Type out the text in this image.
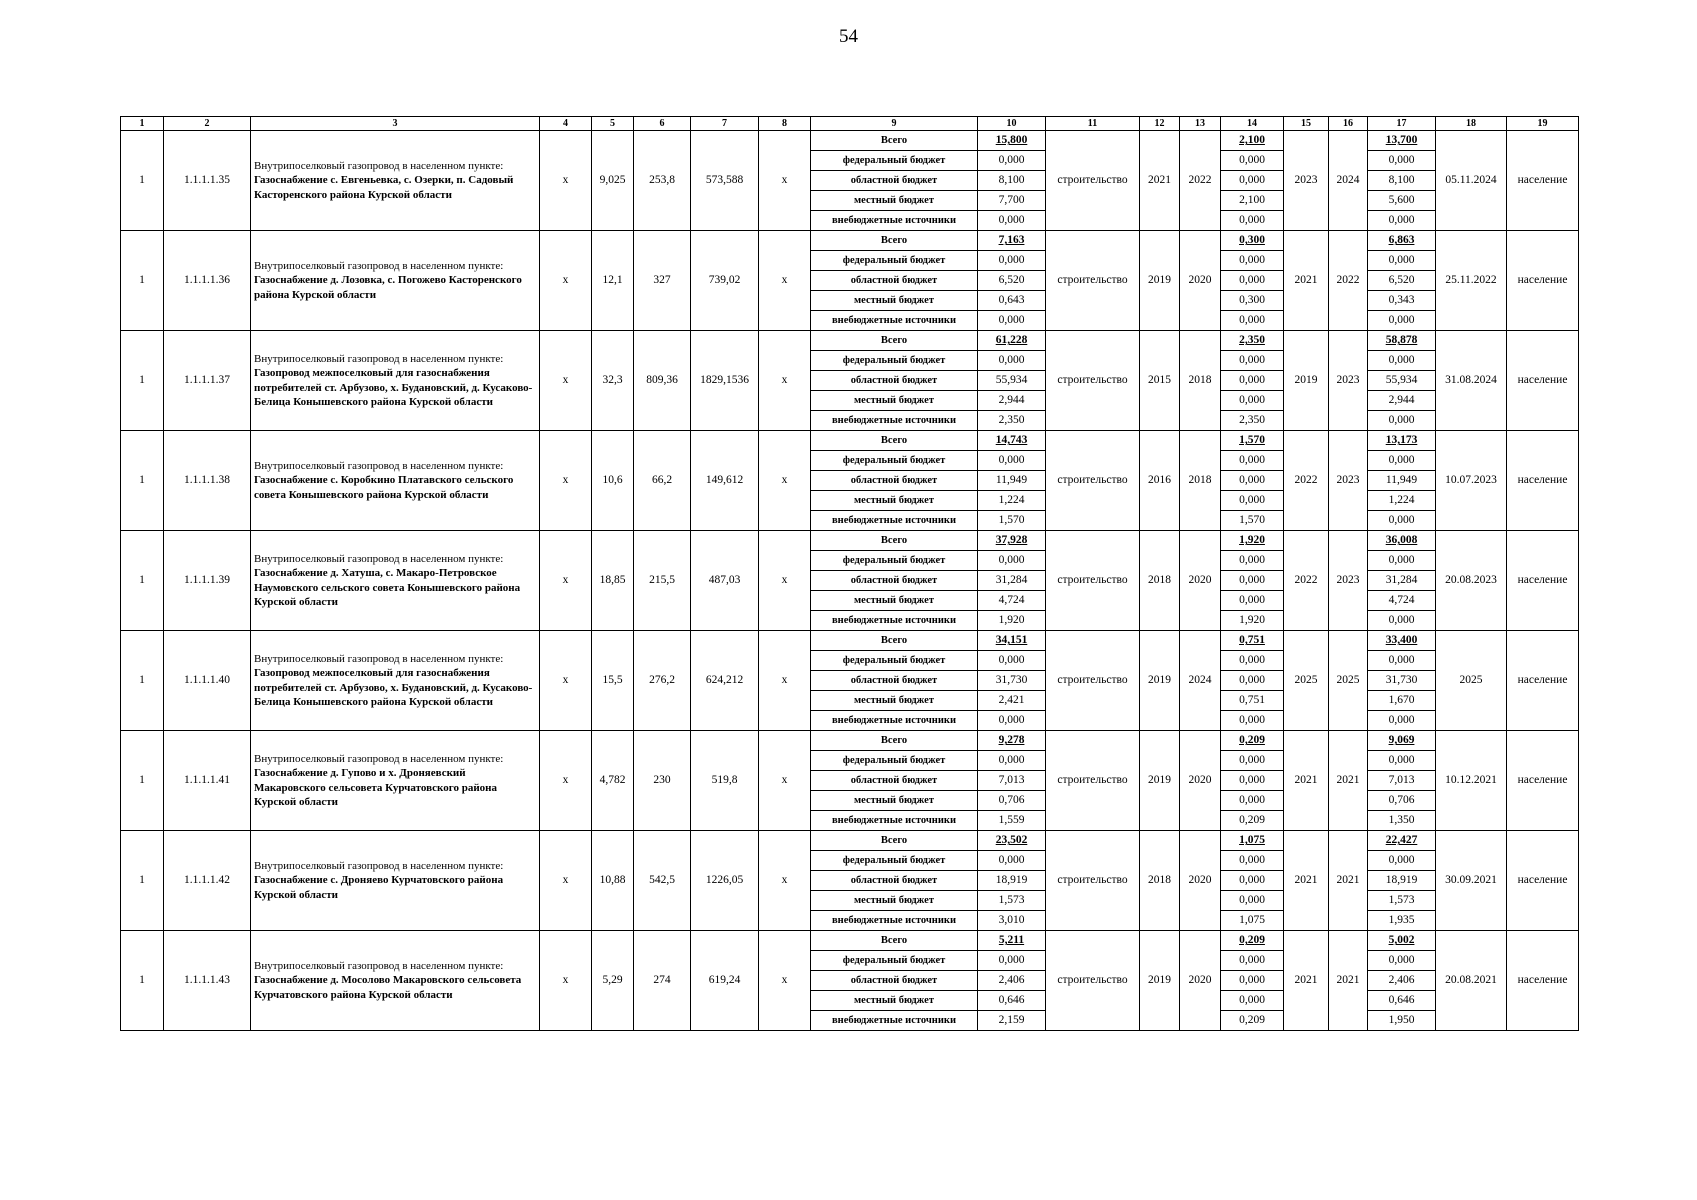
54
1	2	3	4	5	6	7	8	9	10	11	12	13	14	15	16	17	18	19
1	1.1.1.1.35	Внутрипоселковый газопровод в населенном пункте:
Газоснабжение с. Евгеньевка, с. Озерки, п. Садовый Касторенского района Курской области	х	9,025	253,8	573,588	х	Всего	15,800	строительство	2021	2022	2,100	2023	2024	13,700	05.11.2024	население
								федеральный бюджет	0,000				0,000			0,000		
								областной бюджет	8,100				0,000			8,100		
								местный бюджет	7,700				2,100			5,600		
								внебюджетные источники	0,000				0,000			0,000		
1	1.1.1.1.36	Внутрипоселковый газопровод в населенном пункте:
Газоснабжение д. Лозовка, с. Погожево Касторенского района Курской области	х	12,1	327	739,02	х	Всего	7,163	строительство	2019	2020	0,300	2021	2022	6,863	25.11.2022	население
								федеральный бюджет	0,000				0,000			0,000		
								областной бюджет	6,520				0,000			6,520		
								местный бюджет	0,643				0,300			0,343		
								внебюджетные источники	0,000				0,000			0,000		
1	1.1.1.1.37	Внутрипоселковый газопровод в населенном пункте:
Газопровод межпоселковый для газоснабжения потребителей ст. Арбузово, х. Будановский, д. Кусаково-Белица Конышевского района Курской области	х	32,3	809,36	1829,1536	х	Всего	61,228	строительство	2015	2018	2,350	2019	2023	58,878	31.08.2024	население
								федеральный бюджет	0,000				0,000			0,000		
								областной бюджет	55,934				0,000			55,934		
								местный бюджет	2,944				0,000			2,944		
								внебюджетные источники	2,350				2,350			0,000		
1	1.1.1.1.38	Внутрипоселковый газопровод в населенном пункте:
Газоснабжение с. Коробкино Платавского сельского совета Конышевского района Курской области	х	10,6	66,2	149,612	х	Всего	14,743	строительство	2016	2018	1,570	2022	2023	13,173	10.07.2023	население
								федеральный бюджет	0,000				0,000			0,000		
								областной бюджет	11,949				0,000			11,949		
								местный бюджет	1,224				0,000			1,224		
								внебюджетные источники	1,570				1,570			0,000		
1	1.1.1.1.39	Внутрипоселковый газопровод в населенном пункте:
Газоснабжение д. Хатуша, с. Макаро-Петровское Наумовского сельского совета Конышевского района Курской области	х	18,85	215,5	487,03	х	Всего	37,928	строительство	2018	2020	1,920	2022	2023	36,008	20.08.2023	население
								федеральный бюджет	0,000				0,000			0,000		
								областной бюджет	31,284				0,000			31,284		
								местный бюджет	4,724				0,000			4,724		
								внебюджетные источники	1,920				1,920			0,000		
1	1.1.1.1.40	Внутрипоселковый газопровод в населенном пункте:
Газопровод межпоселковый для газоснабжения потребителей ст. Арбузово, х. Будановский, д. Кусаково-Белица Конышевского района Курской области	х	15,5	276,2	624,212	х	Всего	34,151	строительство	2019	2024	0,751	2025	2025	33,400	2025	население
								федеральный бюджет	0,000				0,000			0,000		
								областной бюджет	31,730				0,000			31,730		
								местный бюджет	2,421				0,751			1,670		
								внебюджетные источники	0,000				0,000			0,000		
1	1.1.1.1.41	Внутрипоселковый газопровод в населенном пункте:
Газоснабжение д. Гупово и х. Дроняевский Макаровского сельсовета Курчатовского района Курской области	х	4,782	230	519,8	х	Всего	9,278	строительство	2019	2020	0,209	2021	2021	9,069	10.12.2021	население
								федеральный бюджет	0,000				0,000			0,000		
								областной бюджет	7,013				0,000			7,013		
								местный бюджет	0,706				0,000			0,706		
								внебюджетные источники	1,559				0,209			1,350		
1	1.1.1.1.42	Внутрипоселковый газопровод в населенном пункте:
Газоснабжение с. Дроняево Курчатовского района Курской области	х	10,88	542,5	1226,05	х	Всего	23,502	строительство	2018	2020	1,075	2021	2021	22,427	30.09.2021	население
								федеральный бюджет	0,000				0,000			0,000		
								областной бюджет	18,919				0,000			18,919		
								местный бюджет	1,573				0,000			1,573		
								внебюджетные источники	3,010				1,075			1,935		
1	1.1.1.1.43	Внутрипоселковый газопровод в населенном пункте:
Газоснабжение д. Мосолово Макаровского сельсовета Курчатовского района Курской области	х	5,29	274	619,24	х	Всего	5,211	строительство	2019	2020	0,209	2021	2021	5,002	20.08.2021	население
								федеральный бюджет	0,000				0,000			0,000		
								областной бюджет	2,406				0,000			2,406		
								местный бюджет	0,646				0,000			0,646		
								внебюджетные источники	2,159				0,209			1,950		
